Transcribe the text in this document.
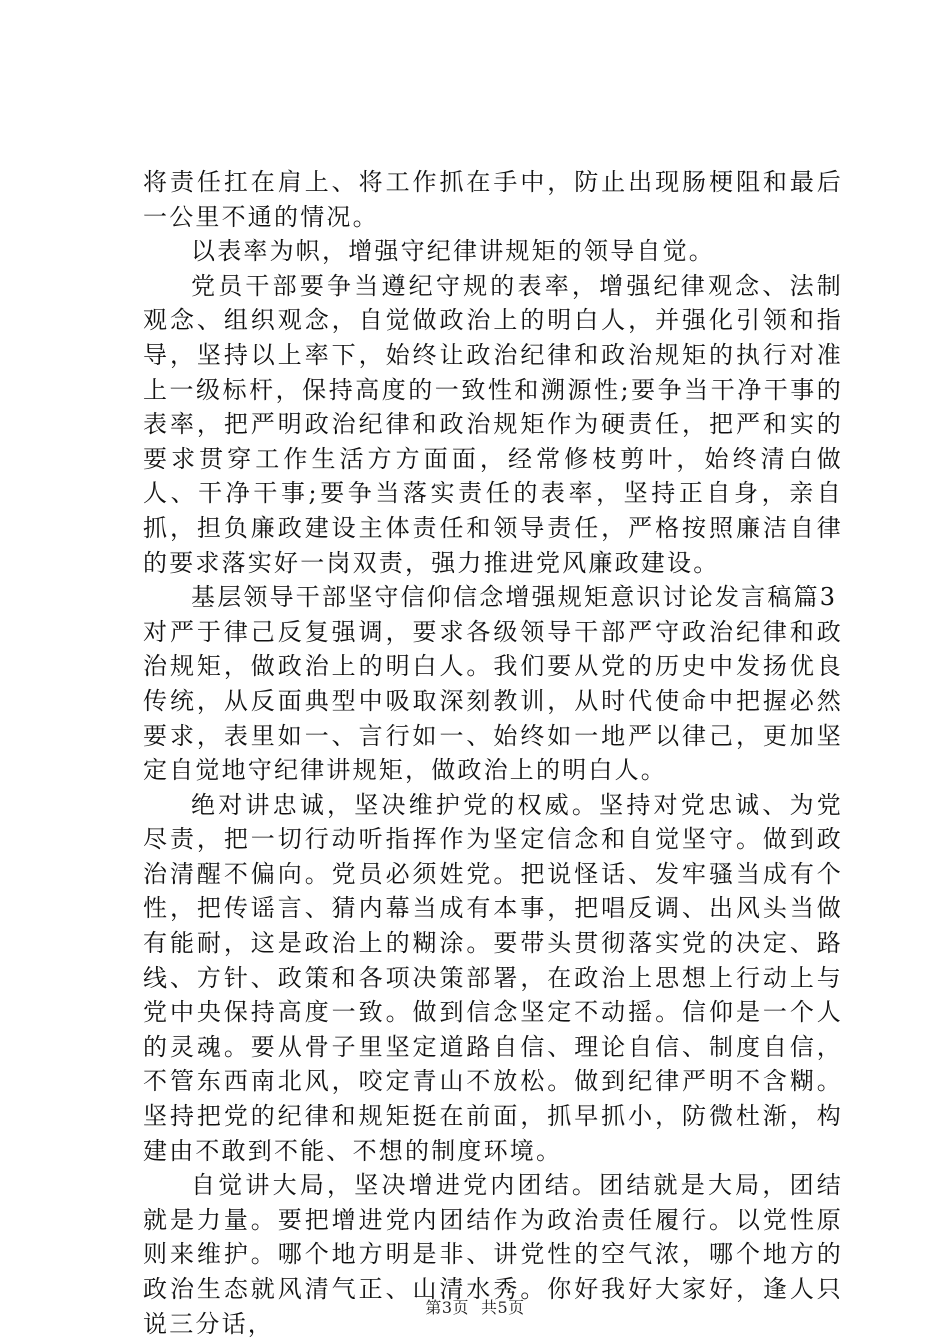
将责任扛在肩上、将工作抓在手中，防止出现肠梗阻和最后一公里不通的情况。

以表率为帜，增强守纪律讲规矩的领导自觉。

党员干部要争当遵纪守规的表率，增强纪律观念、法制观念、组织观念，自觉做政治上的明白人，并强化引领和指导，坚持以上率下，始终让政治纪律和政治规矩的执行对准上一级标杆，保持高度的一致性和溯源性;要争当干净干事的表率，把严明政治纪律和政治规矩作为硬责任，把严和实的要求贯穿工作生活方方面面，经常修枝剪叶，始终清白做人、干净干事;要争当落实责任的表率，坚持正自身，亲自抓，担负廉政建设主体责任和领导责任，严格按照廉洁自律的要求落实好一岗双责，强力推进党风廉政建设。

基层领导干部坚守信仰信念增强规矩意识讨论发言稿篇3

对严于律己反复强调，要求各级领导干部严守政治纪律和政治规矩，做政治上的明白人。我们要从党的历史中发扬优良传统，从反面典型中吸取深刻教训，从时代使命中把握必然要求，表里如一、言行如一、始终如一地严以律己，更加坚定自觉地守纪律讲规矩，做政治上的明白人。

绝对讲忠诚，坚决维护党的权威。坚持对党忠诚、为党尽责，把一切行动听指挥作为坚定信念和自觉坚守。做到政治清醒不偏向。党员必须姓党。把说怪话、发牢骚当成有个性，把传谣言、猜内幕当成有本事，把唱反调、出风头当做有能耐，这是政治上的糊涂。要带头贯彻落实党的决定、路线、方针、政策和各项决策部署，在政治上思想上行动上与党中央保持高度一致。做到信念坚定不动摇。信仰是一个人的灵魂。要从骨子里坚定道路自信、理论自信、制度自信，不管东西南北风，咬定青山不放松。做到纪律严明不含糊。坚持把党的纪律和规矩挺在前面，抓早抓小，防微杜渐，构建由不敢到不能、不想的制度环境。

自觉讲大局，坚决增进党内团结。团结就是大局，团结就是力量。要把增进党内团结作为政治责任履行。以党性原则来维护。哪个地方明是非、讲党性的空气浓，哪个地方的政治生态就风清气正、山清水秀。你好我好大家好，逢人只说三分话，

第3页 共5页
